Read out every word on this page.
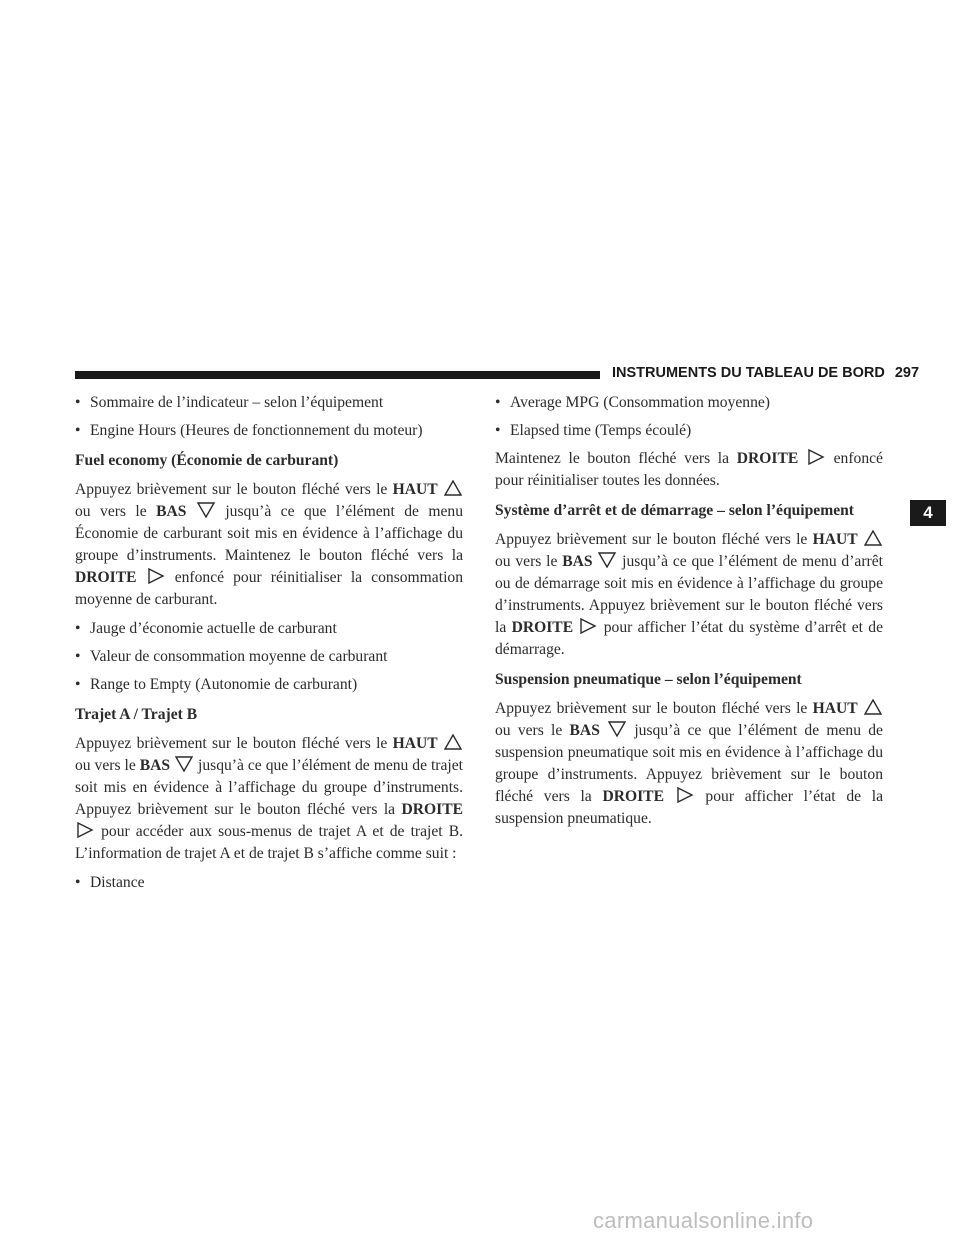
INSTRUMENTS DU TABLEAU DE BORD 297
4
• Sommaire de l’indicateur – selon l’équipement
• Engine Hours (Heures de fonctionnement du moteur)
Fuel economy (Économie de carburant)

Appuyez brièvement sur le bouton fléché vers le HAUT
ou vers le BAS jusqu’à ce que l’élément de menu Économie de carburant soit mis en évidence à l’affichage du groupe d’instruments. Maintenez le bouton fléché vers la DROITE enfoncé pour réinitialiser la consommation moyenne de carburant.

• Jauge d’économie actuelle de carburant
• Valeur de consommation moyenne de carburant
• Range to Empty (Autonomie de carburant)
Trajet A / Trajet B

Appuyez brièvement sur le bouton fléché vers le HAUT
ou vers le BAS jusqu’à ce que l’élément de menu de trajet soit mis en évidence à l’affichage du groupe d’instruments. Appuyez brièvement sur le bouton fléché vers la DROITE
pour accéder aux sous-menus de trajet A et de trajet B. L’information de trajet A et de trajet B s’affiche comme suit :

• Distance
• Average MPG (Consommation moyenne)
• Elapsed time (Temps écoulé)

Maintenez le bouton fléché vers la DROITE enfoncé pour réinitialiser toutes les données.

Système d’arrêt et de démarrage – selon l’équipement

Appuyez brièvement sur le bouton fléché vers le HAUT
ou vers le BAS jusqu’à ce que l’élément de menu d’arrêt ou de démarrage soit mis en évidence à l’affichage du groupe d’instruments. Appuyez brièvement sur le bouton fléché vers la DROITE pour afficher l’état du système d’arrêt et de démarrage.

Suspension pneumatique – selon l’équipement

Appuyez brièvement sur le bouton fléché vers le HAUT
ou vers le BAS jusqu’à ce que l’élément de menu de suspension pneumatique soit mis en évidence à l’affichage du groupe d’instruments. Appuyez brièvement sur le bouton fléché vers la DROITE	pour afficher l’état de la suspension pneumatique.

carmanualsonline.info
